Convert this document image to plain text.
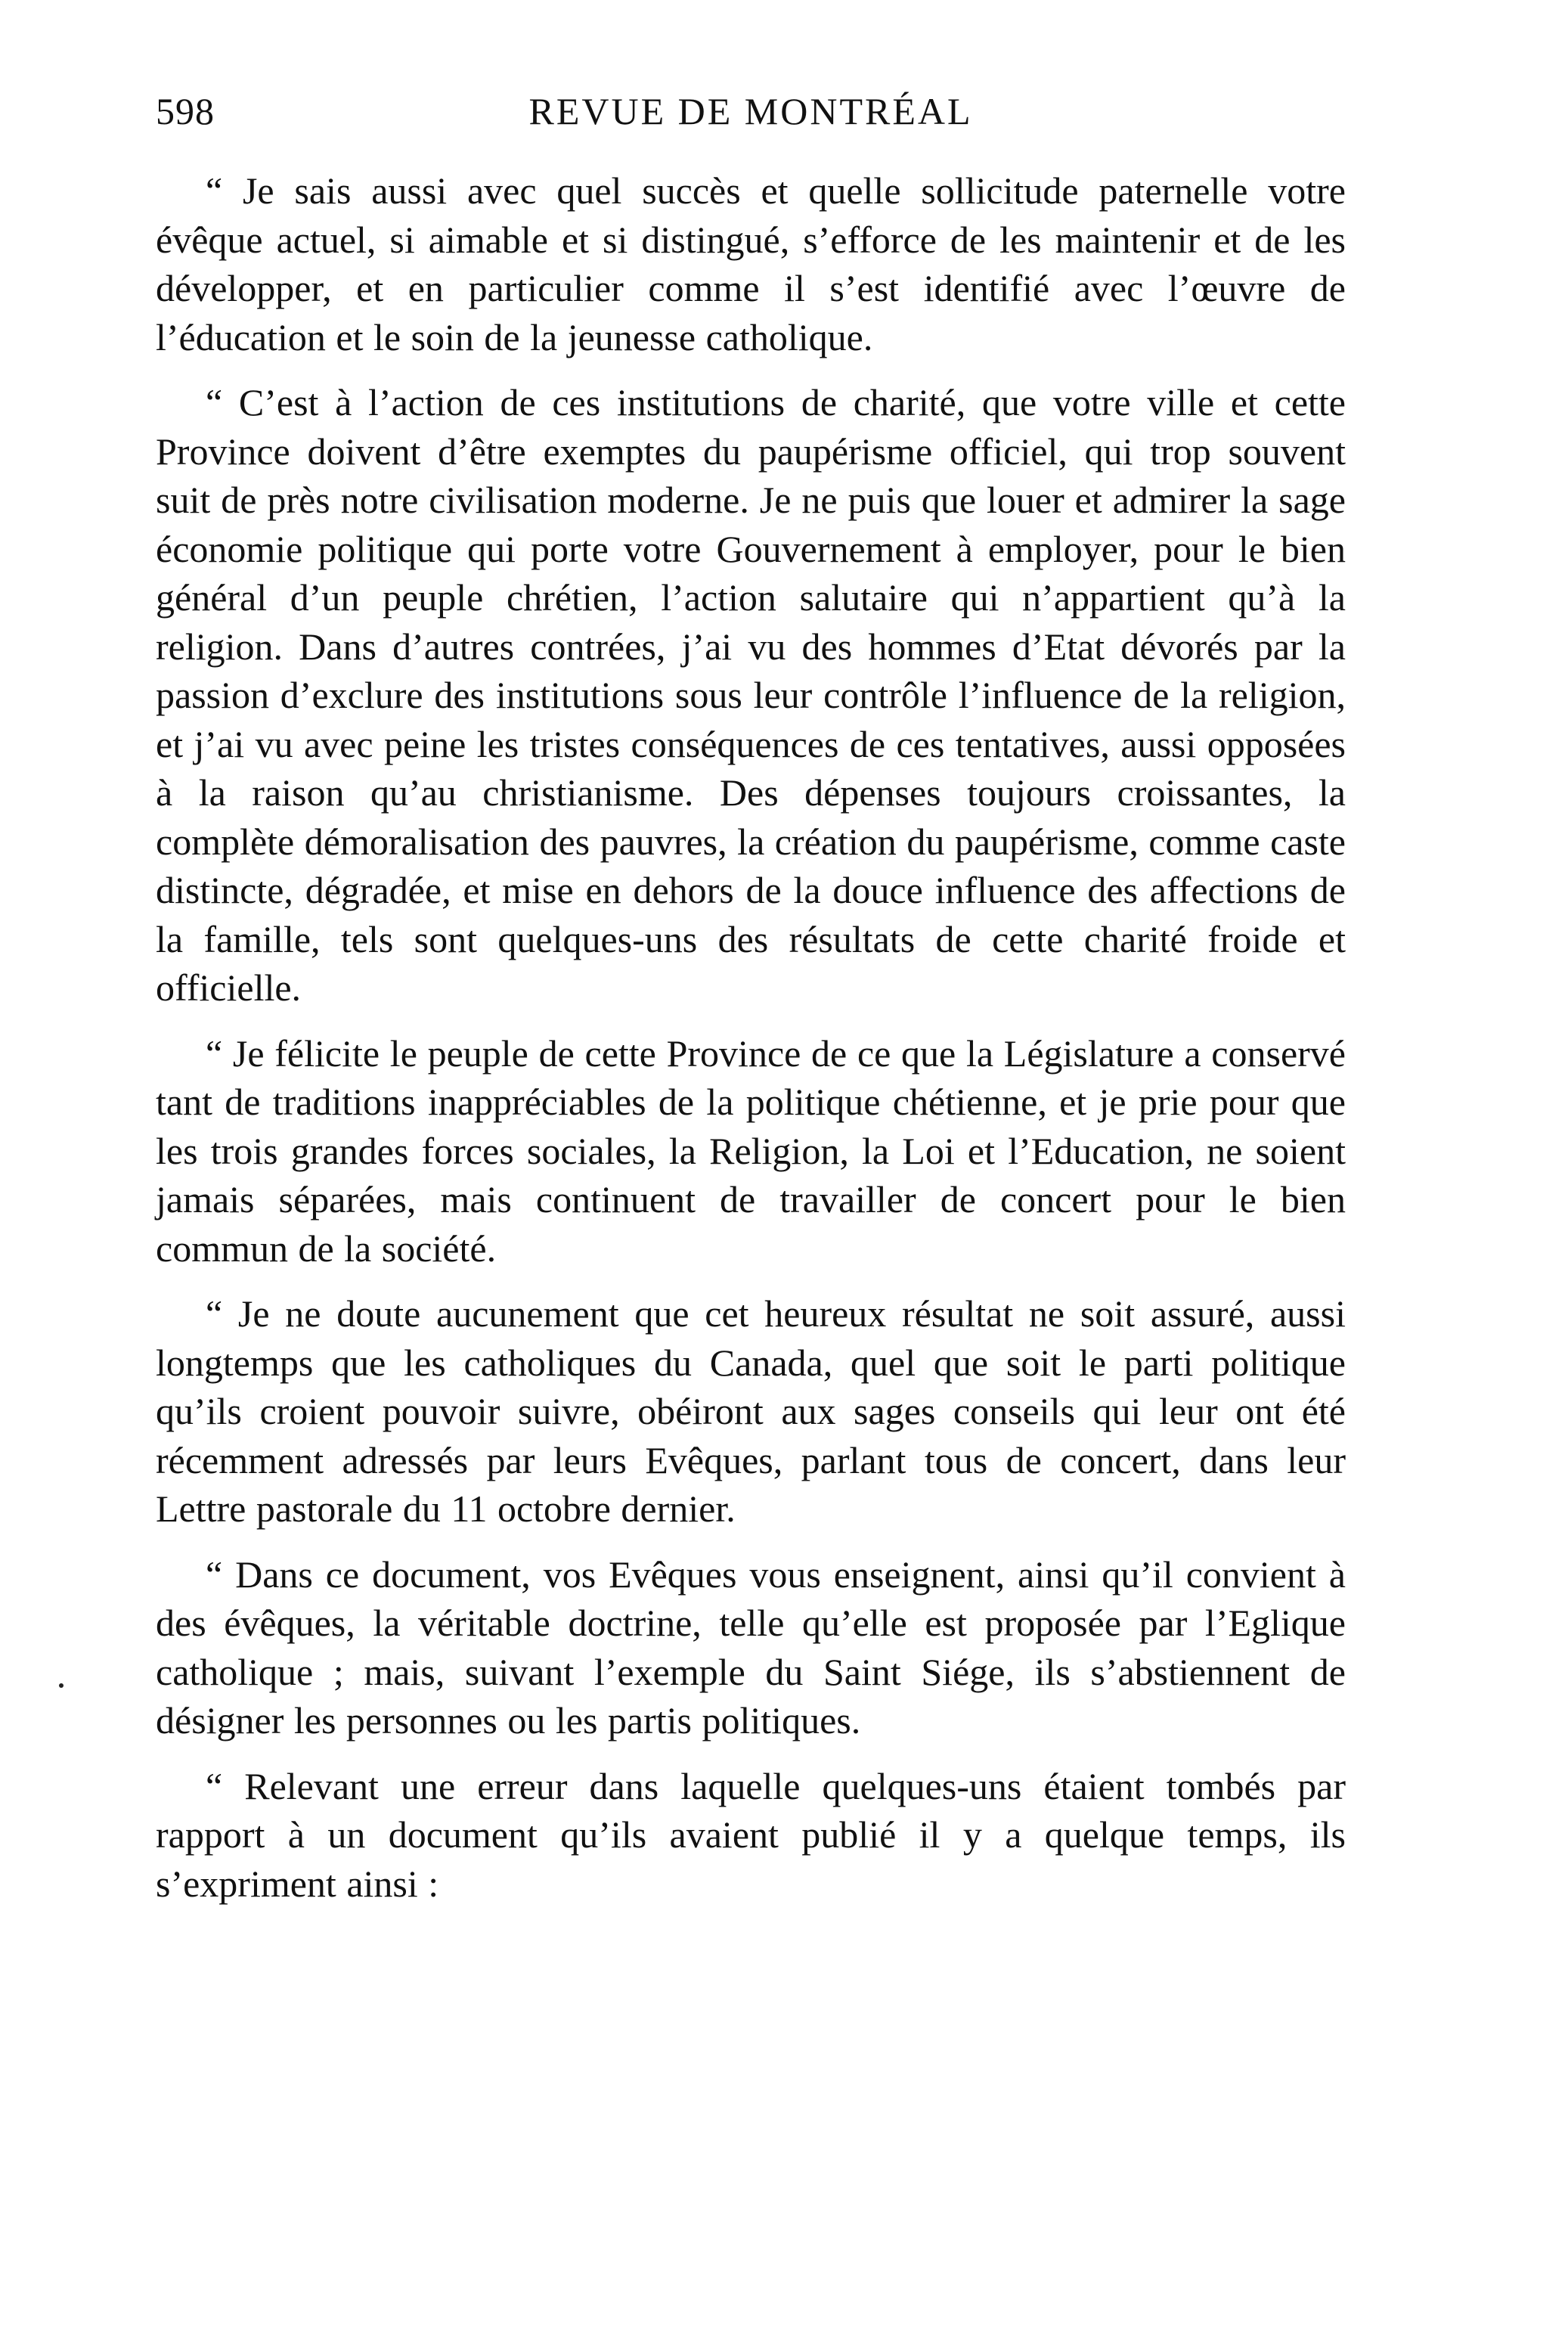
598	REVUE DE MONTRÉAL

“ Je sais aussi avec quel succès et quelle sollicitude paternelle votre évêque actuel, si aimable et si distingué, s’efforce de les maintenir et de les développer, et en particulier comme il s’est identifié avec l’œuvre de l’éducation et le soin de la jeunesse catholique.

“ C’est à l’action de ces institutions de charité, que votre ville et cette Province doivent d’être exemptes du paupérisme officiel, qui trop souvent suit de près notre civilisation moderne. Je ne puis que louer et admirer la sage économie politique qui porte votre Gouvernement à employer, pour le bien général d’un peuple chrétien, l’action salutaire qui n’appartient qu’à la religion. Dans d’autres contrées, j’ai vu des hommes d’Etat dévorés par la passion d’exclure des institutions sous leur contrôle l’influence de la religion, et j’ai vu avec peine les tristes conséquences de ces tentatives, aussi opposées à la raison qu’au christianisme. Des dépenses toujours croissantes, la complète démoralisation des pauvres, la création du paupérisme, comme caste distincte, dégradée, et mise en dehors de la douce influence des affections de la famille, tels sont quelques-uns des résultats de cette charité froide et officielle.

“ Je félicite le peuple de cette Province de ce que la Législature a conservé tant de traditions inappréciables de la politique chétienne, et je prie pour que les trois grandes forces sociales, la Religion, la Loi et l’Education, ne soient jamais séparées, mais continuent de travailler de concert pour le bien commun de la société.

“ Je ne doute aucunement que cet heureux résultat ne soit assuré, aussi longtemps que les catholiques du Canada, quel que soit le parti politique qu’ils croient pouvoir suivre, obéiront aux sages conseils qui leur ont été récemment adressés par leurs Evêques, parlant tous de concert, dans leur Lettre pastorale du 11 octobre dernier.

“ Dans ce document, vos Evêques vous enseignent, ainsi qu’il convient à des évêques, la véritable doctrine, telle qu’elle est proposée par l’Eglique catholique ; mais, suivant l’exemple du Saint Siége, ils s’abstiennent de désigner les personnes ou les partis politiques.

“ Relevant une erreur dans laquelle quelques-uns étaient tombés par rapport à un document qu’ils avaient publié il y a quelque temps, ils s’expriment ainsi :
